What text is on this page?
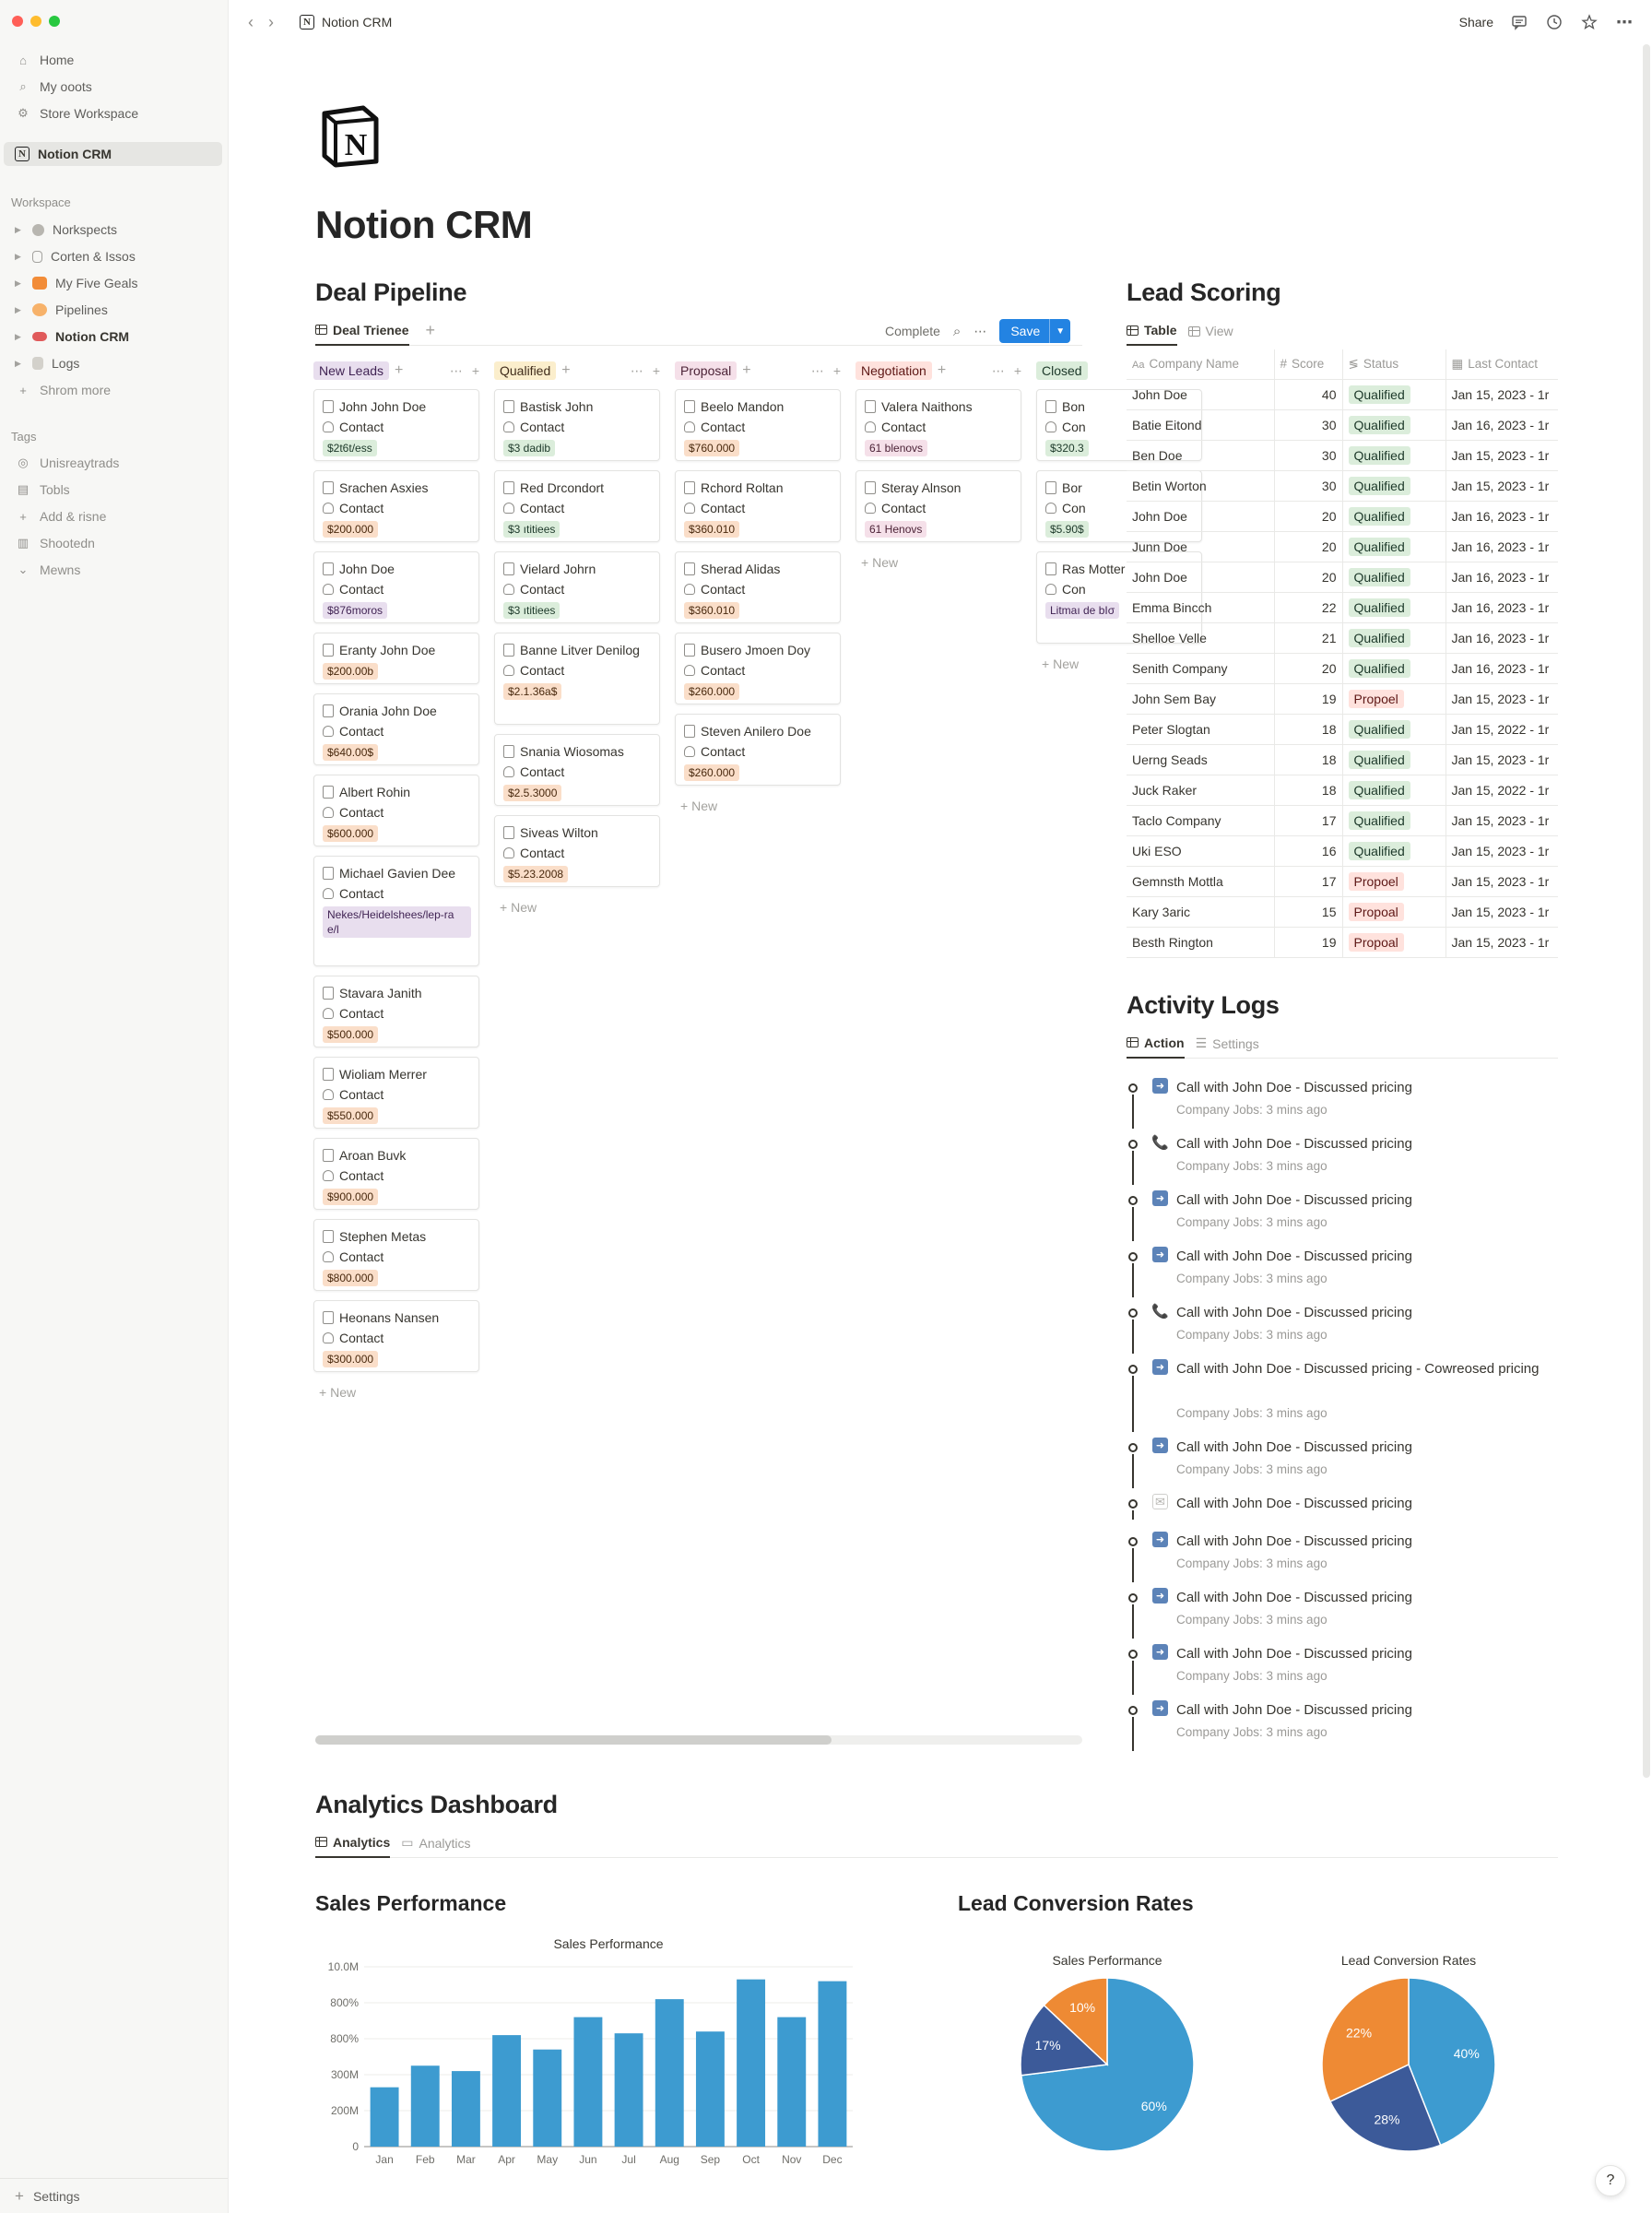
⌂	Home
⌕	My ooots
⚙ Store Workspace
N Notion CRM
Workspace
▶ Norkspects
▶ Corten & Issos
▶	My Five Geals
▶	Pipelines
▶	Notion CRM
▶ Logs
+	Shrom more
Tags
◎ Unisreaytrads
▤ Tobls
+	Add & risne
▥ Shootedn
⌄ Mewns
+ Settings
‹ ›	N Notion CRM	Share	⋯
N
Notion CRM
Deal Pipeline
Deal Trienee +	Complete ⌕ ⋯	Save	▼
New Leads +	⋯ +
John John Doe
Contact
$2t6t/ess
Srachen Asxies
Contact
$200.000
John Doe
Contact
$876moros
Eranty John Doe
$200.00b
Orania John Doe
Contact
$640.00$
Albert Rohin
Contact
$600.000
Michael Gavien Dee
Contact
Nekes/Heidelshees/lep-ra e/l
Stavara Janith
Contact
$500.000
Wioliam Merrer
Contact
$550.000
Aroan Buvk
Contact
$900.000
Stephen Metas
Contact
$800.000
Heonans Nansen
Contact
$300.000
+ New
Qualified +	⋯ +
Bastisk John
Contact
$3 dadib
Red Drcondort
Contact
$3 ıtitiees
Vielard Johrn
Contact
$3 ıtitiees
Banne Litver Denilog
Contact
$2.1.36a$
Snania Wiosomas
Contact
$2.5.3000
Siveas Wilton
Contact
$5.23.2008
+ New
Proposal +	⋯ +
Beelo Mandon
Contact
$760.000
Rchord Roltan
Contact
$360.010
Sherad Alidas
Contact
$360.010
Busero Jmoen Doy
Contact
$260.000
Steven Anilero Doe
Contact
$260.000
+ New
Negotiation +	⋯ +
Valera Naithons
Contact
61 blenovs
Steray Alnson
Contact
61 Ηenovs
+ New
Closed
Bon
Con
$320.3
Bor
Con
$5.90$
Ras Motter
Con
Litmaı de bIσ
+ New
Lead Scoring
Table View
Aa Company Name	# Score	≶ Status	▦ Last Contact
John Doe	40	Qualified	Jan 15, 2023 - 1r
Batie Eitond	30	Qualified	Jan 16, 2023 - 1r
Ben Doe	30	Qualified	Jan 15, 2023 - 1r
Betin Worton	30	Qualified	Jan 15, 2023 - 1r
John Doe	20	Qualified	Jan 16, 2023 - 1r
Junn Doe	20	Qualified	Jan 16, 2023 - 1r
John Doe	20	Qualified	Jan 16, 2023 - 1r
Emma Bincch	22	Qualified	Jan 16, 2023 - 1r
Shelloe Velle	21	Qualified	Jan 16, 2023 - 1r
Senith Company	20	Qualified	Jan 16, 2023 - 1r
John Sem Bay	19	Propoel	Jan 15, 2023 - 1r
Peter Slogtan	18	Qualified	Jan 15, 2022 - 1r
Uerng Seads	18	Qualified	Jan 15, 2023 - 1r
Juck Raker	18	Qualified	Jan 15, 2022 - 1r
Taclo Company	17	Qualified	Jan 15, 2023 - 1r
Uki ESO	16	Qualified	Jan 15, 2023 - 1r
Gemnsth Mottla	17	Propoel	Jan 15, 2023 - 1r
Kary 3aric	15	Propoal	Jan 15, 2023 - 1r
Besth Rington	19	Propoal	Jan 15, 2023 - 1r
Activity Logs
Action ☰ Settings
➜ Call with John Doe - Discussed pricing
Company Jobs: 3 mins ago
📞 Call with John Doe - Discussed pricing
Company Jobs: 3 mins ago
➜ Call with John Doe - Discussed pricing
Company Jobs: 3 mins ago
➜ Call with John Doe - Discussed pricing
Company Jobs: 3 mins ago
📞 Call with John Doe - Discussed pricing
Company Jobs: 3 mins ago
➜ Call with John Doe - Discussed pricing - Cowreosed pricing
Company Jobs: 3 mins ago
➜ Call with John Doe - Discussed pricing
Company Jobs: 3 mins ago
✉ Call with John Doe - Discussed pricing
➜ Call with John Doe - Discussed pricing
Company Jobs: 3 mins ago
➜ Call with John Doe - Discussed pricing
Company Jobs: 3 mins ago
➜ Call with John Doe - Discussed pricing
Company Jobs: 3 mins ago
➜ Call with John Doe - Discussed pricing
Company Jobs: 3 mins ago
Analytics Dashboard
Analytics ▭ Analytics
Sales Performance	Lead Conversion Rates
Sales Performance
0
200M
300M
800%
800%
10.0M
Jan Feb Mar Apr May Jun Jul Aug Sep Oct Nov Dec
Sales Performance
60%
17%
10%
Lead Conversion Rates
40%
28%
22%
?
